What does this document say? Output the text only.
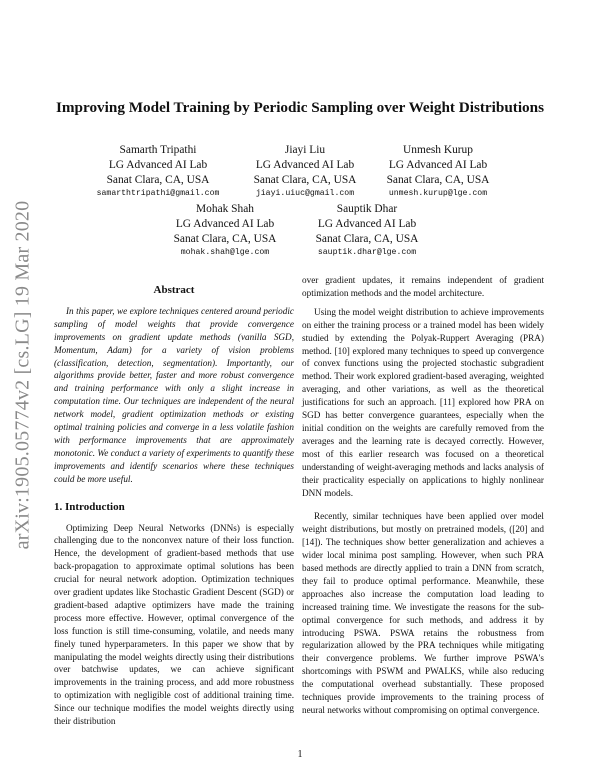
arXiv:1905.05774v2 [cs.LG] 19 Mar 2020
Improving Model Training by Periodic Sampling over Weight Distributions
Samarth Tripathi
LG Advanced AI Lab
Sanat Clara, CA, USA
samarthtripathi@gmail.com
Jiayi Liu
LG Advanced AI Lab
Sanat Clara, CA, USA
jiayi.uiuc@gmail.com
Unmesh Kurup
LG Advanced AI Lab
Sanat Clara, CA, USA
unmesh.kurup@lge.com
Mohak Shah
LG Advanced AI Lab
Sanat Clara, CA, USA
mohak.shah@lge.com
Sauptik Dhar
LG Advanced AI Lab
Sanat Clara, CA, USA
sauptik.dhar@lge.com
Abstract

In this paper, we explore techniques centered around periodic sampling of model weights that provide convergence improvements on gradient update methods (vanilla SGD, Momentum, Adam) for a variety of vision problems (classification, detection, segmentation). Importantly, our algorithms provide better, faster and more robust convergence and training performance with only a slight increase in computation time. Our techniques are independent of the neural network model, gradient optimization methods or existing optimal training policies and converge in a less volatile fashion with performance improvements that are approximately monotonic. We conduct a variety of experiments to quantify these improvements and identify scenarios where these techniques could be more useful.

1. Introduction

Optimizing Deep Neural Networks (DNNs) is especially challenging due to the nonconvex nature of their loss function. Hence, the development of gradient-based methods that use back-propagation to approximate optimal solutions has been crucial for neural network adoption. Optimization techniques over gradient updates like Stochastic Gradient Descent (SGD) or gradient-based adaptive optimizers have made the training process more effective. However, optimal convergence of the loss function is still time-consuming, volatile, and needs many finely tuned hyperparameters. In this paper we show that by manipulating the model weights directly using their distributions over batchwise updates, we can achieve significant improvements in the training process, and add more robustness to optimization with negligible cost of additional training time. Since our technique modifies the model weights directly using their distribution

over gradient updates, it remains independent of gradient optimization methods and the model architecture.

Using the model weight distribution to achieve improvements on either the training process or a trained model has been widely studied by extending the Polyak-Ruppert Averaging (PRA) method. [10] explored many techniques to speed up convergence of convex functions using the projected stochastic subgradient method. Their work explored gradient-based averaging, weighted averaging, and other variations, as well as the theoretical justifications for such an approach. [11] explored how PRA on SGD has better convergence guarantees, especially when the initial condition on the weights are carefully removed from the averages and the learning rate is decayed correctly. However, most of this earlier research was focused on a theoretical understanding of weight-averaging methods and lacks analysis of their practicality especially on applications to highly nonlinear DNN models.

Recently, similar techniques have been applied over model weight distributions, but mostly on pretrained models, ([20] and [14]). The techniques show better generalization and achieves a wider local minima post sampling. However, when such PRA based methods are directly applied to train a DNN from scratch, they fail to produce optimal performance. Meanwhile, these approaches also increase the computation load leading to increased training time. We investigate the reasons for the sub-optimal convergence for such methods, and address it by introducing PSWA. PSWA retains the robustness from regularization allowed by the PRA techniques while mitigating their convergence problems. We further improve PSWA's shortcomings with PSWM and PWALKS, while also reducing the computational overhead substantially. These proposed techniques provide improvements to the training process of neural networks without compromising on optimal convergence.

1
